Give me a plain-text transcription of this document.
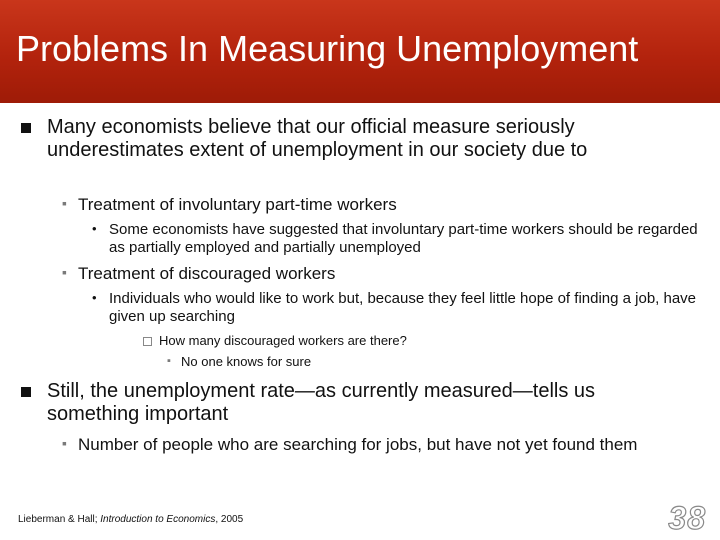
Problems In Measuring Unemployment
Many economists believe that our official measure seriously underestimates extent of unemployment in our society due to
▪ Treatment of involuntary part-time workers
• Some economists have suggested that involuntary part-time workers should be regarded as partially employed and partially unemployed
▪ Treatment of discouraged workers
• Individuals who would like to work but, because they feel little hope of finding a job, have given up searching
How many discouraged workers are there?
▪ No one knows for sure
Still, the unemployment rate—as currently measured—tells us something important
▪ Number of people who are searching for jobs, but have not yet found them
Lieberman & Hall; Introduction to Economics, 2005	38
